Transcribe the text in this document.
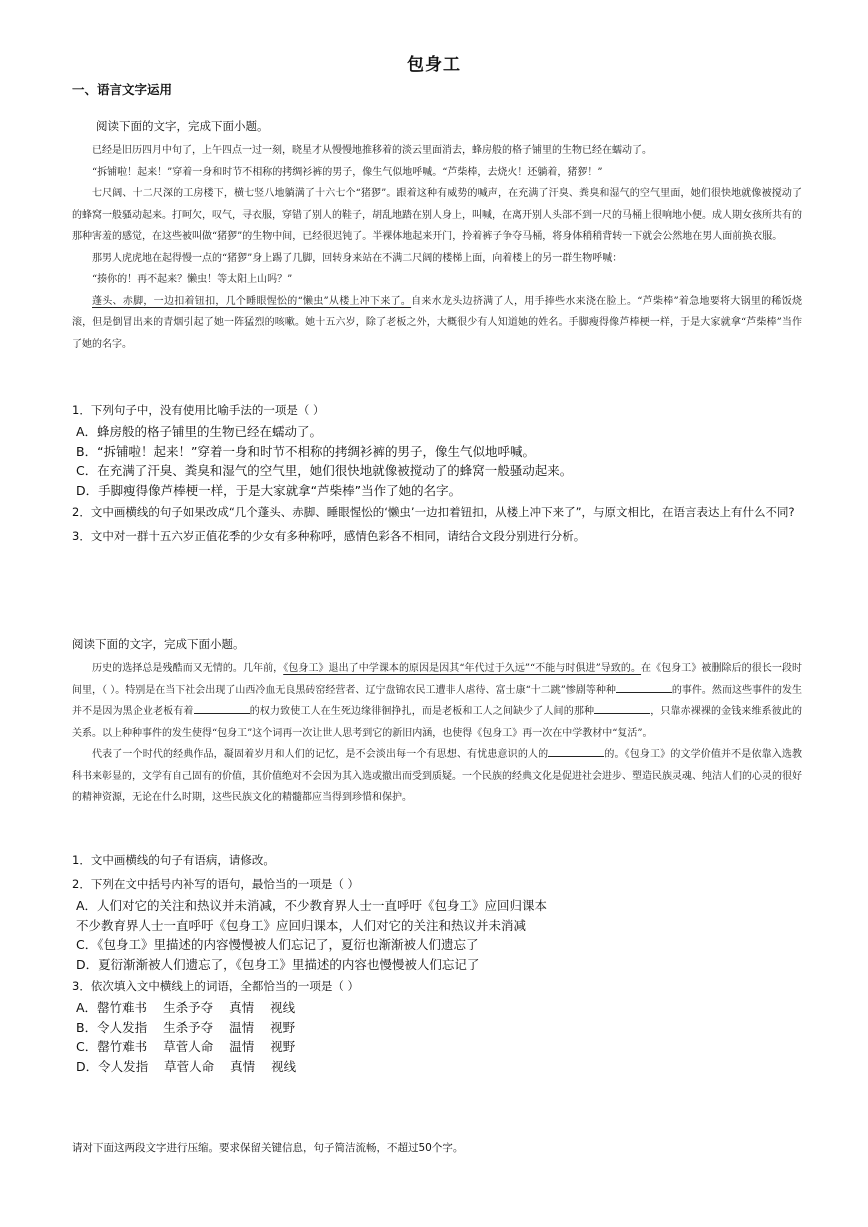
包身工
一、语言文字运用

阅读下面的文字，完成下面小题。

已经是旧历四月中旬了，上午四点一过一刻，晓星才从慢慢地推移着的淡云里面消去，蜂房般的格子铺里的生物已经在蠕动了。

“拆铺啦！起来！”穿着一身和时节不相称的拷绸衫裤的男子，像生气似地呼喊。“芦柴棒，去烧火！还躺着，猪猡！”

七尺阔、十二尺深的工房楼下，横七竖八地躺满了十六七个“猪猡”。跟着这种有威势的喊声，在充满了汗臭、粪臭和湿气的空气里面，她们很快地就像被搅动了的蜂窝一般骚动起来。打呵欠，叹气，寻衣服，穿错了别人的鞋子，胡乱地踏在别人身上，叫喊，在离开别人头部不到一尺的马桶上很响地小便。成人期女孩所共有的那种害羞的感觉，在这些被叫做“猪猡”的生物中间，已经很迟钝了。半裸体地起来开门，拎着裤子争夺马桶，将身体稍稍背转一下就会公然地在男人面前换衣服。

那男人虎虎地在起得慢一点的“猪猡”身上踢了几脚，回转身来站在不满二尺阔的楼梯上面，向着楼上的另一群生物呼喊：

“揍你的！再不起来？懒虫！等太阳上山吗？”

蓬头、赤脚，一边扣着钮扣，几个睡眼惺忪的“懒虫”从楼上冲下来了。自来水龙头边挤满了人，用手捧些水来浇在脸上。“芦柴棒”着急地要将大锅里的稀饭烧滚，但是倒冒出来的青烟引起了她一阵猛烈的咳嗽。她十五六岁，除了老板之外，大概很少有人知道她的姓名。手脚瘦得像芦棒梗一样，于是大家就拿“芦柴棒”当作了她的名字。

1．下列句子中，没有使用比喻手法的一项是（ ）

A．蜂房般的格子铺里的生物已经在蠕动了。

B．“拆铺啦！起来！”穿着一身和时节不相称的拷绸衫裤的男子，像生气似地呼喊。

C．在充满了汗臭、粪臭和湿气的空气里，她们很快地就像被搅动了的蜂窝一般骚动起来。

D．手脚瘦得像芦棒梗一样，于是大家就拿“芦柴棒”当作了她的名字。

2．文中画横线的句子如果改成“几个蓬头、赤脚、睡眼惺忪的‘懒虫’一边扣着钮扣，从楼上冲下来了”，与原文相比，在语言表达上有什么不同?

3．文中对一群十五六岁正值花季的少女有多种称呼，感情色彩各不相同，请结合文段分别进行分析。

阅读下面的文字，完成下面小题。

历史的选择总是残酷而又无情的。几年前，《包身工》退出了中学课本的原因是因其“年代过于久远”“不能与时俱进”导致的。在《包身工》被删除后的很长一段时间里，（ ）。特别是在当下社会出现了山西冷血无良黑砖窑经营者、辽宁盘锦农民工遭非人虐待、富士康“十二跳”惨剧等种种	的事件。然而这些事件的发生并不是因为黑企业老板有着	的权力致使工人在生死边缘徘徊挣扎，而是老板和工人之间缺少了人间的那种	，只靠赤裸裸的金钱来维系彼此的关系。以上种种事件的发生使得“包身工”这个词再一次让世人思考到它的新旧内涵，也使得《包身工》再一次在中学教材中“复活”。

代表了一个时代的经典作品，凝固着岁月和人们的记忆，是不会淡出每一个有思想、有忧患意识的人的	的。《包身工》的文学价值并不是依靠入选教科书来彰显的，文学有自己固有的价值，其价值绝对不会因为其入选或撤出而受到质疑。一个民族的经典文化是促进社会进步、塑造民族灵魂、纯洁人们的心灵的很好的精神资源，无论在什么时期，这些民族文化的精髓都应当得到珍惜和保护。

1．文中画横线的句子有语病，请修改。

2．下列在文中括号内补写的语句，最恰当的一项是（ ）

A．人们对它的关注和热议并未消减，不少教育界人士一直呼吁《包身工》应回归课本

不少教育界人士一直呼吁《包身工》应回归课本，人们对它的关注和热议并未消减

C．《包身工》里描述的内容慢慢被人们忘记了，夏衍也渐渐被人们遗忘了

D．夏衍渐渐被人们遗忘了，《包身工》里描述的内容也慢慢被人们忘记了

3．依次填入文中横线上的词语，全都恰当的一项是（ ）

A．罄竹难书 生杀予夺 真情 视线

B．令人发指 生杀予夺 温情 视野

C．罄竹难书 草菅人命 温情 视野

D．令人发指 草菅人命 真情 视线

请对下面这两段文字进行压缩。要求保留关键信息，句子简洁流畅，不超过50个字。
